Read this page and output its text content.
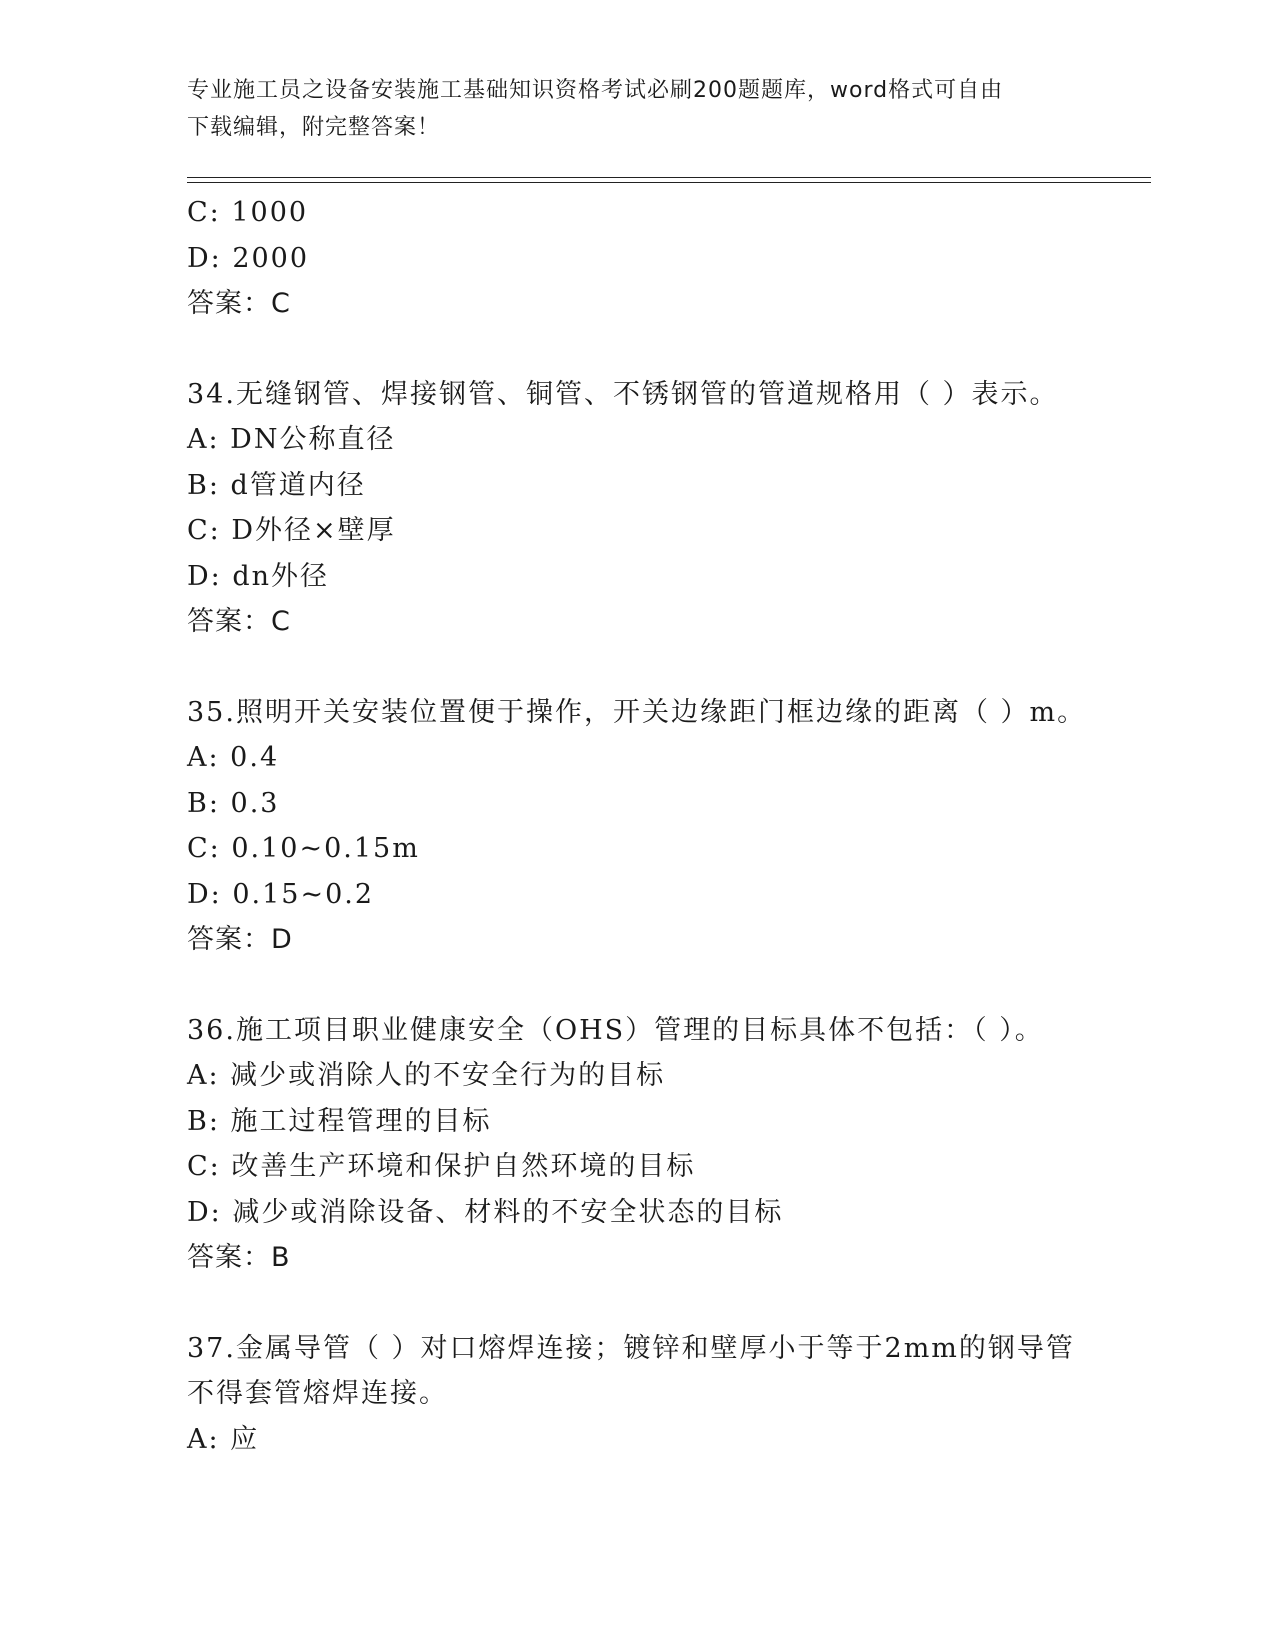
专业施工员之设备安装施工基础知识资格考试必刷200题题库，word格式可自由
下载编辑，附完整答案！
C: 1000
D: 2000
答案：C
34.无缝钢管、焊接钢管、铜管、不锈钢管的管道规格用（ ）表示。
A: DN公称直径
B: d管道内径
C: D外径×壁厚
D: dn外径
答案：C
35.照明开关安装位置便于操作，开关边缘距门框边缘的距离（ ）m。
A: 0.4
B: 0.3
C: 0.10~0.15m
D: 0.15~0.2
答案：D
36.施工项目职业健康安全（OHS）管理的目标具体不包括：（ ）。
A: 减少或消除人的不安全行为的目标
B: 施工过程管理的目标
C: 改善生产环境和保护自然环境的目标
D: 减少或消除设备、材料的不安全状态的目标
答案：B
37.金属导管（ ）对口熔焊连接；镀锌和壁厚小于等于2mm的钢导管
不得套管熔焊连接。
A: 应
